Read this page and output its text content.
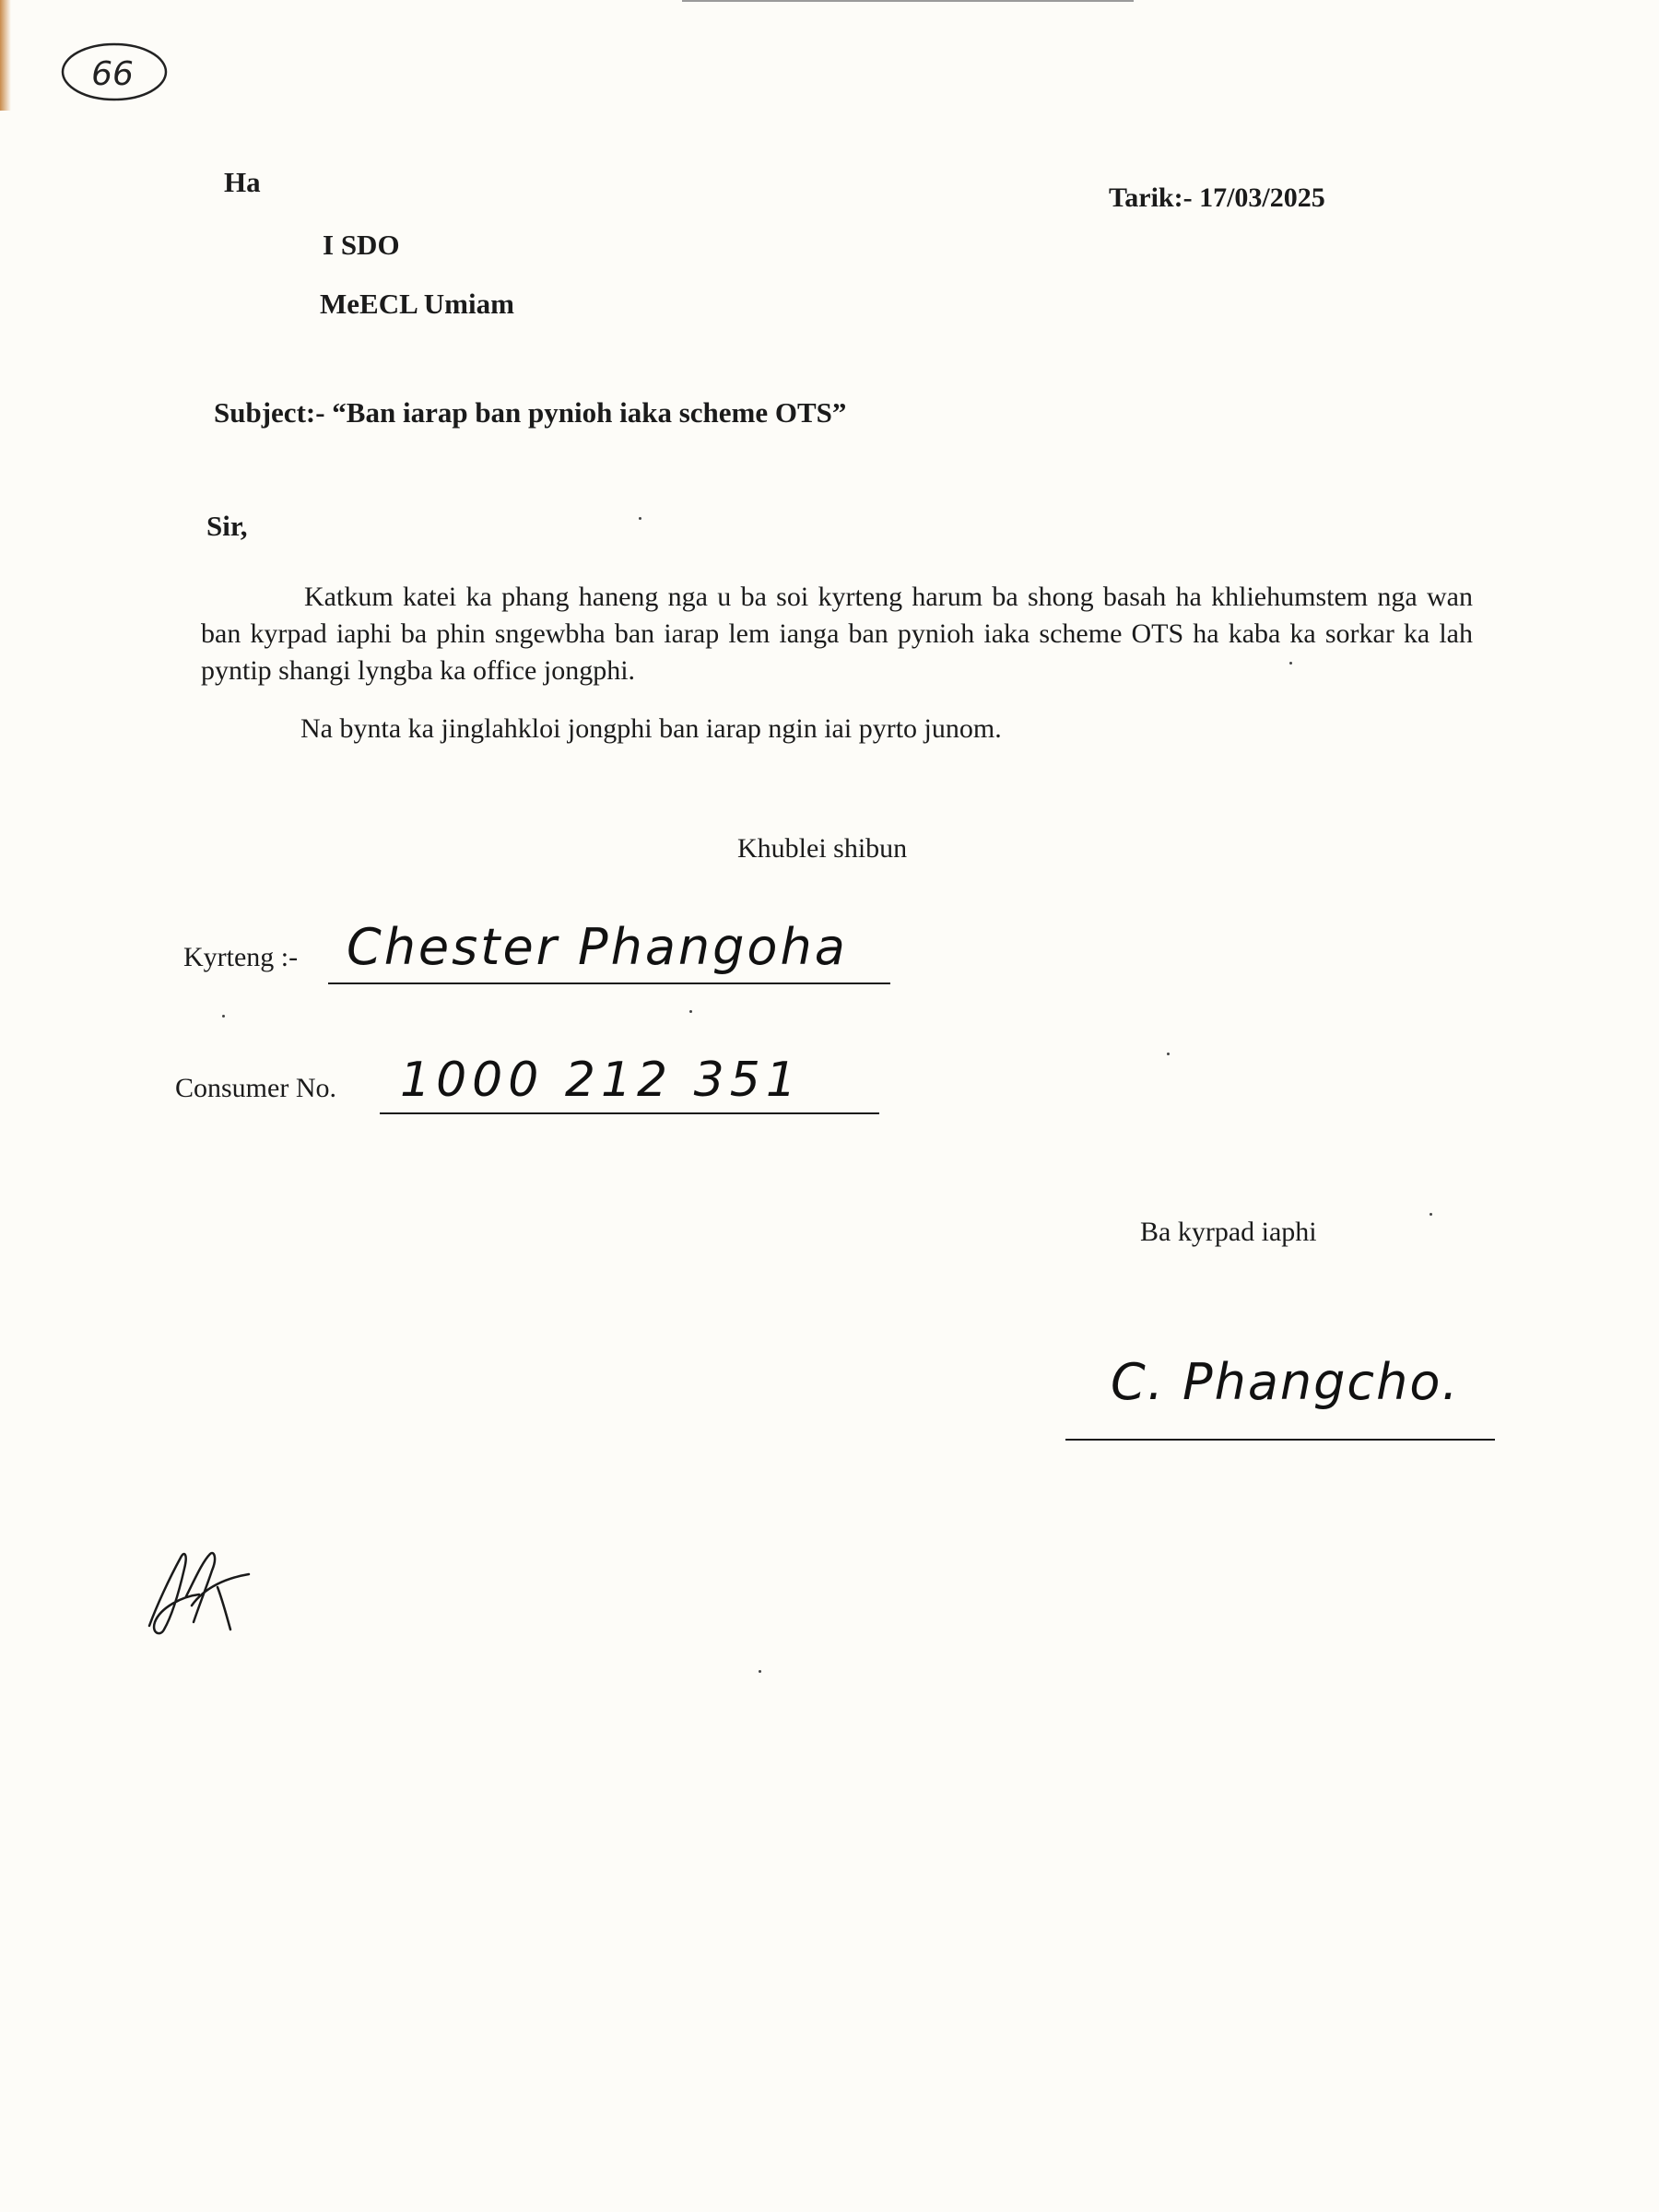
66
Ha	Tarik:- 17/03/2025
I SDO
MeECL Umiam
Subject:- “Ban iarap ban pynioh iaka scheme OTS”
Sir,
Katkum katei ka phang haneng nga u ba soi kyrteng harum ba shong basah ha khliehumstem nga wan ban kyrpad iaphi ba phin sngewbha ban iarap lem ianga ban pynioh iaka scheme OTS ha kaba ka sorkar ka lah pyntip shangi lyngba ka office jongphi.
Na bynta ka jinglahkloi jongphi ban iarap ngin iai pyrto junom.
Khublei shibun
Kyrteng :- Chester Phangoha
Consumer No. 1000 212 351
Ba kyrpad iaphi
C. Phangcho.
